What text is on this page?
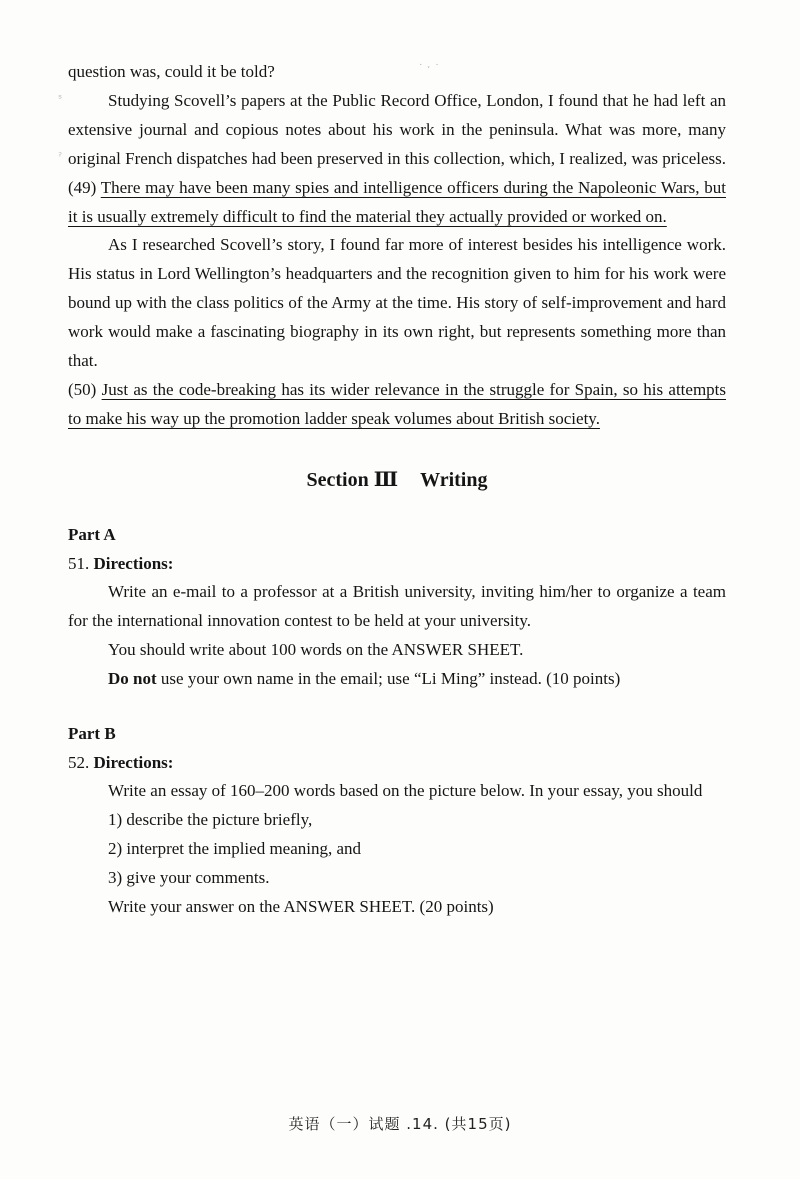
ˢ
ˀ
˙ ˑ ˙

question was, could it be told?

Studying Scovell’s papers at the Public Record Office, London, I found that he had left an extensive journal and copious notes about his work in the peninsula. What was more, many original French dispatches had been preserved in this collection, which, I realized, was priceless. (49) There may have been many spies and intelligence officers during the Napoleonic Wars, but it is usually extremely difficult to find the material they actually provided or worked on.

As I researched Scovell’s story, I found far more of interest besides his intelligence work. His status in Lord Wellington’s headquarters and the recognition given to him for his work were bound up with the class politics of the Army at the time. His story of self-improvement and hard work would make a fascinating biography in its own right, but represents something more than that.
(50) Just as the code-breaking has its wider relevance in the struggle for Spain, so his attempts to make his way up the promotion ladder speak volumes about British society.

Section Ⅲ Writing
Part A
51. Directions:

Write an e-mail to a professor at a British university, inviting him/her to organize a team for the international innovation contest to be held at your university.

You should write about 100 words on the ANSWER SHEET.

Do not use your own name in the email; use “Li Ming” instead. (10 points)

Part B
52. Directions:

Write an essay of 160–200 words based on the picture below. In your essay, you should

1) describe the picture briefly,
2) interpret the implied meaning, and
3) give your comments.

Write your answer on the ANSWER SHEET. (20 points)

英语（一）试题 .14. (共15页)
